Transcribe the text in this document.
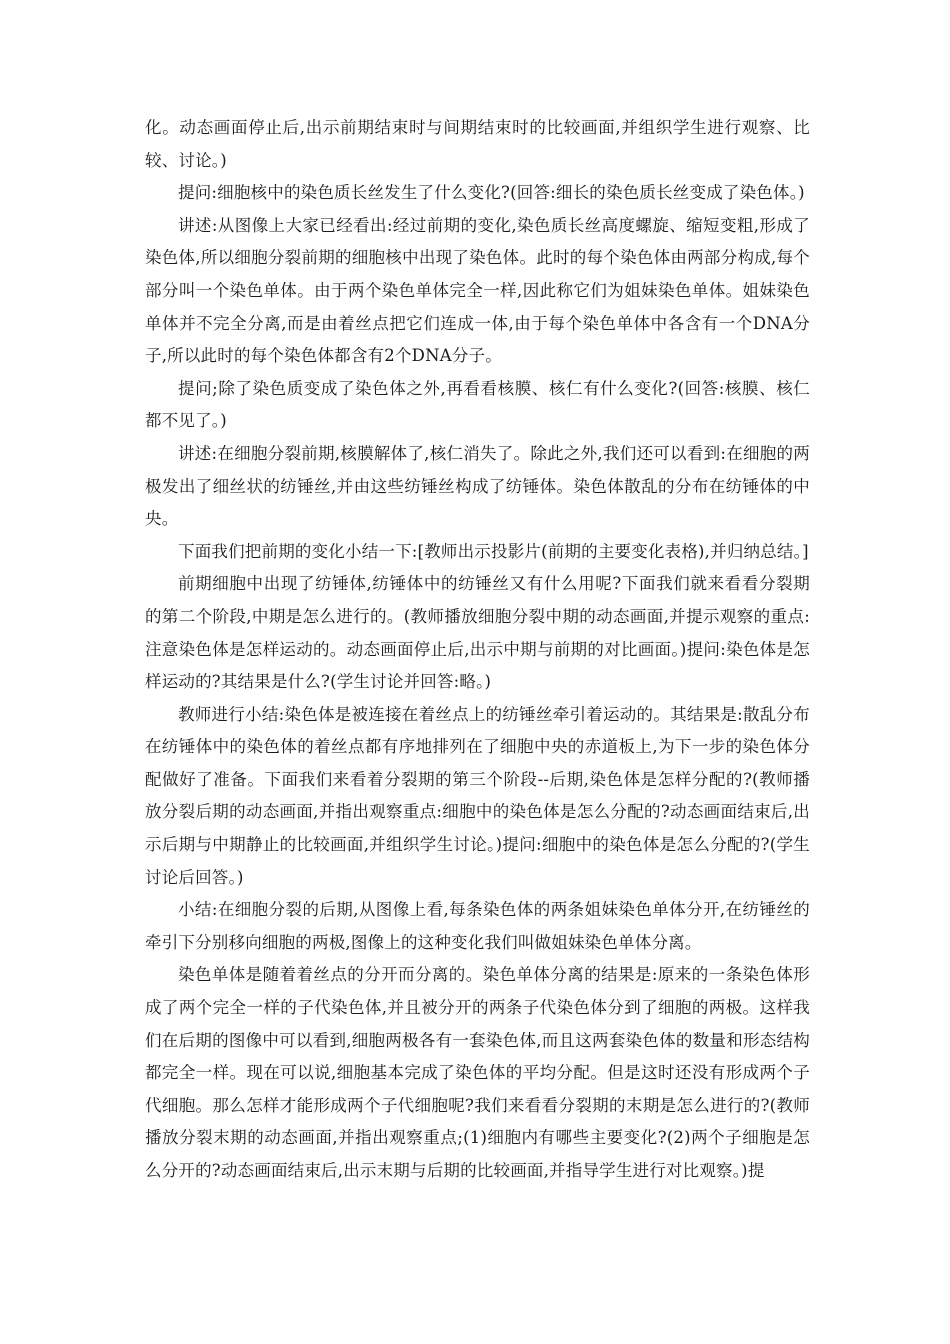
化。动态画面停止后,出示前期结束时与间期结束时的比较画面,并组织学生进行观察、比较、讨论。)

提问:细胞核中的染色质长丝发生了什么变化?(回答:细长的染色质长丝变成了染色体。)

讲述:从图像上大家已经看出:经过前期的变化,染色质长丝高度螺旋、缩短变粗,形成了染色体,所以细胞分裂前期的细胞核中出现了染色体。此时的每个染色体由两部分构成,每个部分叫一个染色单体。由于两个染色单体完全一样,因此称它们为姐妹染色单体。姐妹染色单体并不完全分离,而是由着丝点把它们连成一体,由于每个染色单体中各含有一个DNA分子,所以此时的每个染色体都含有2个DNA分子。

提问;除了染色质变成了染色体之外,再看看核膜、核仁有什么变化?(回答:核膜、核仁都不见了。)

讲述:在细胞分裂前期,核膜解体了,核仁消失了。除此之外,我们还可以看到:在细胞的两极发出了细丝状的纺锤丝,并由这些纺锤丝构成了纺锤体。染色体散乱的分布在纺锤体的中央。

下面我们把前期的变化小结一下:[教师出示投影片(前期的主要变化表格),并归纳总结。]

前期细胞中出现了纺锤体,纺锤体中的纺锤丝又有什么用呢?下面我们就来看看分裂期的第二个阶段,中期是怎么进行的。(教师播放细胞分裂中期的动态画面,并提示观察的重点:注意染色体是怎样运动的。动态画面停止后,出示中期与前期的对比画面。)提问:染色体是怎样运动的?其结果是什么?(学生讨论并回答:略。)

教师进行小结:染色体是被连接在着丝点上的纺锤丝牵引着运动的。其结果是:散乱分布在纺锤体中的染色体的着丝点都有序地排列在了细胞中央的赤道板上,为下一步的染色体分配做好了准备。下面我们来看着分裂期的第三个阶段--后期,染色体是怎样分配的?(教师播放分裂后期的动态画面,并指出观察重点:细胞中的染色体是怎么分配的?动态画面结束后,出示后期与中期静止的比较画面,并组织学生讨论。)提问:细胞中的染色体是怎么分配的?(学生讨论后回答。)

小结:在细胞分裂的后期,从图像上看,每条染色体的两条姐妹染色单体分开,在纺锤丝的牵引下分别移向细胞的两极,图像上的这种变化我们叫做姐妹染色单体分离。

染色单体是随着着丝点的分开而分离的。染色单体分离的结果是:原来的一条染色体形成了两个完全一样的子代染色体,并且被分开的两条子代染色体分到了细胞的两极。这样我们在后期的图像中可以看到,细胞两极各有一套染色体,而且这两套染色体的数量和形态结构都完全一样。现在可以说,细胞基本完成了染色体的平均分配。但是这时还没有形成两个子代细胞。那么怎样才能形成两个子代细胞呢?我们来看看分裂期的末期是怎么进行的?(教师播放分裂末期的动态画面,并指出观察重点;(1)细胞内有哪些主要变化?(2)两个子细胞是怎么分开的?动态画面结束后,出示末期与后期的比较画面,并指导学生进行对比观察。)提
